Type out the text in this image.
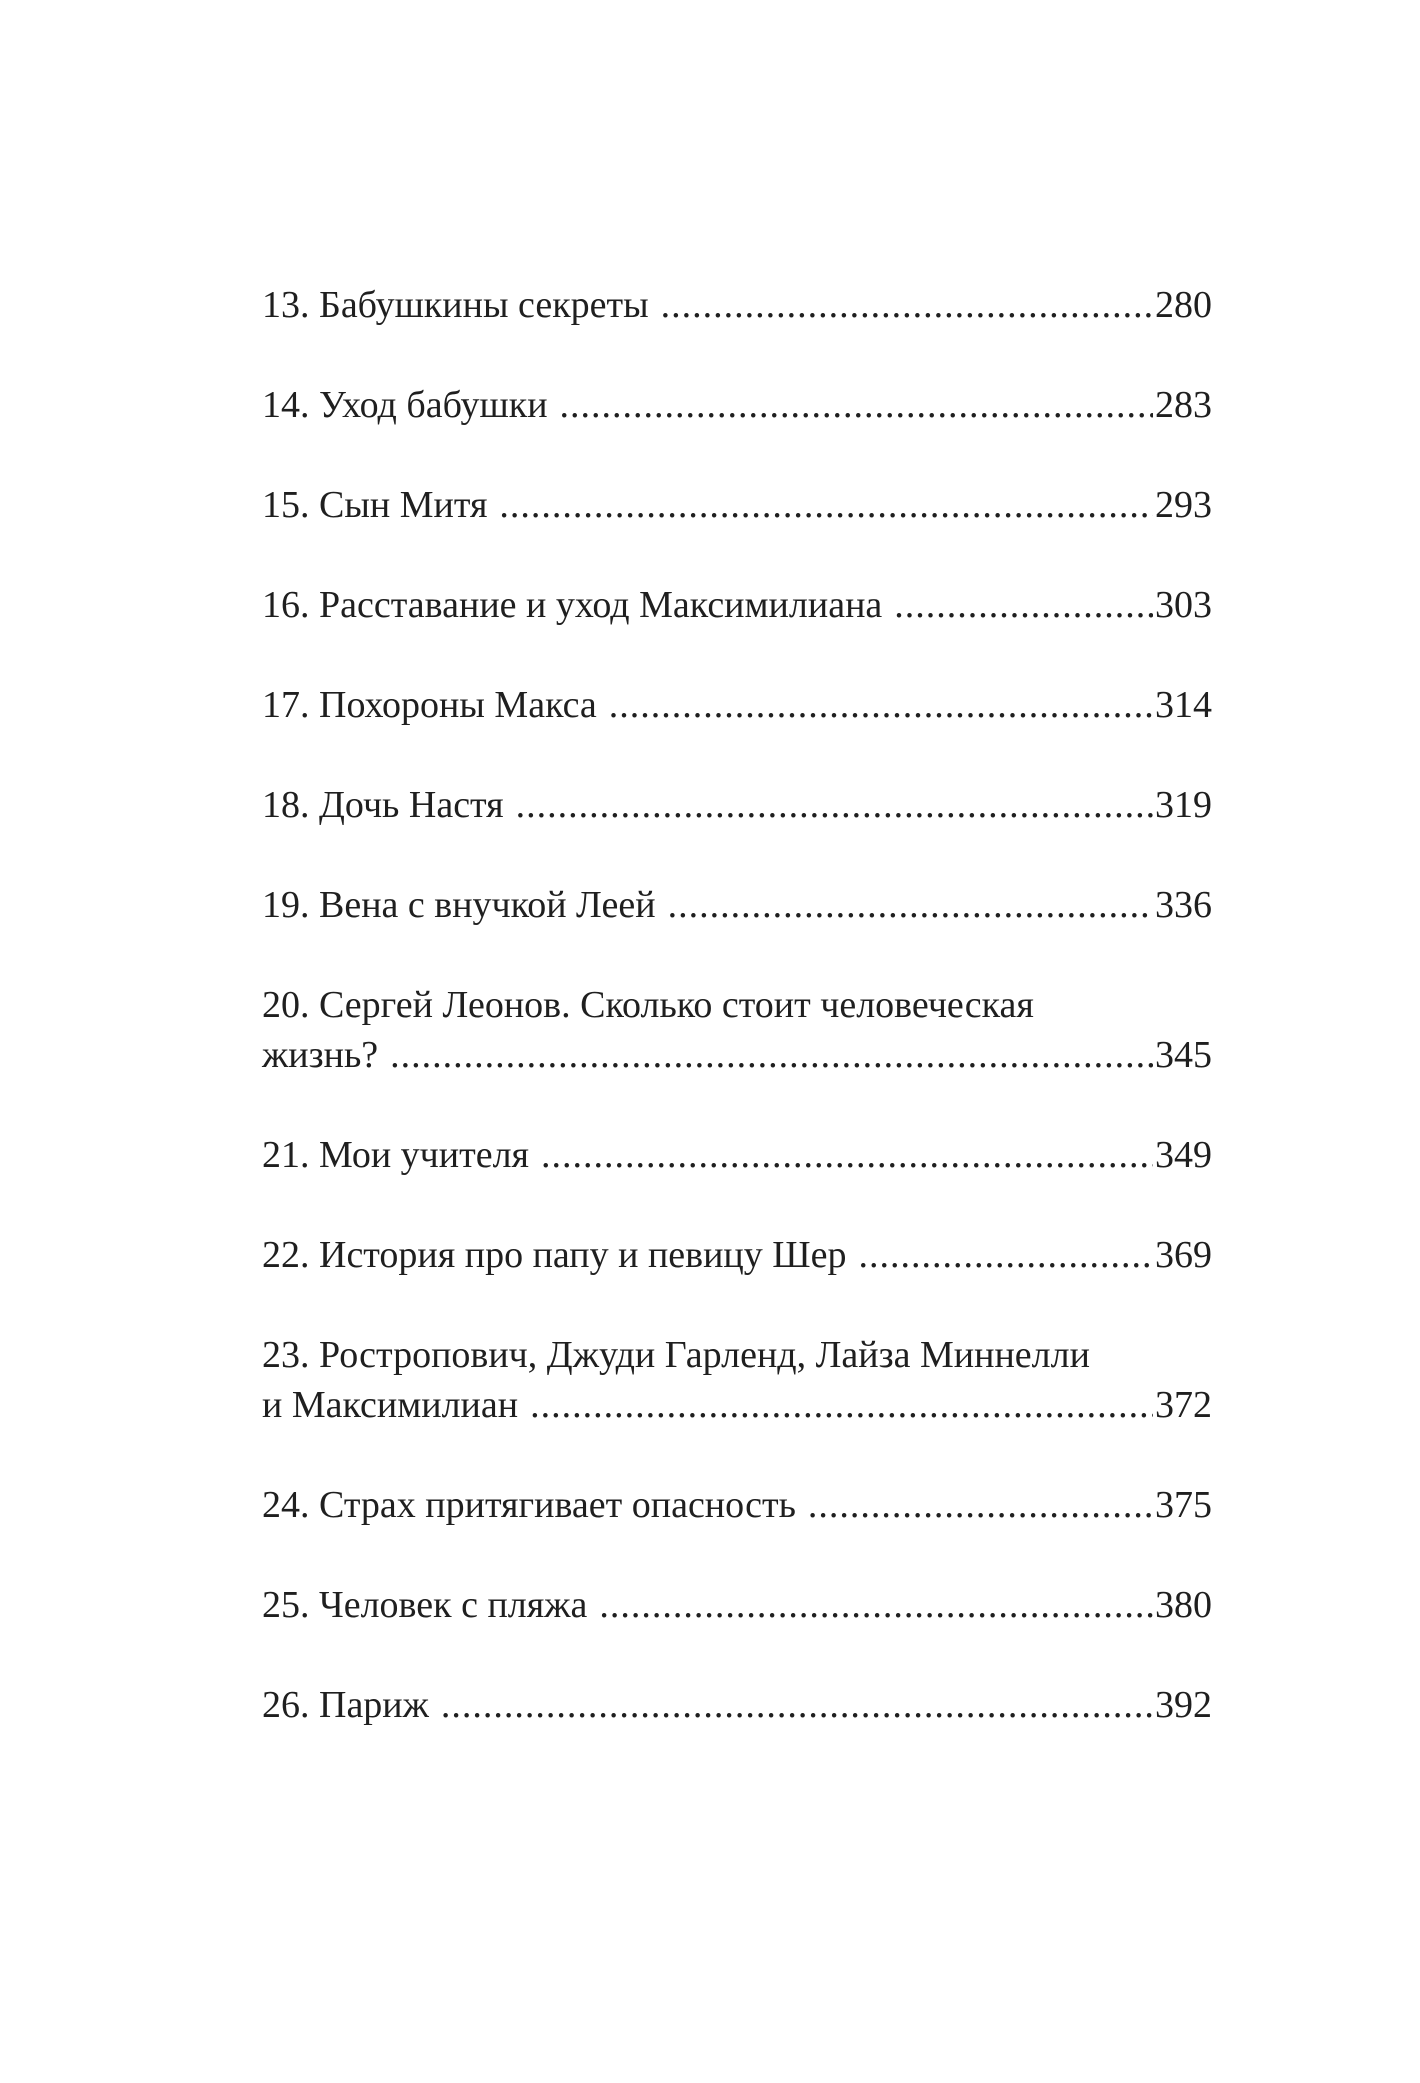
13. Бабушкины секреты .....	280
14. Уход бабушки .....	283
15. Сын Митя .....	293
16. Расставание и уход Максимилиана .....	303
17. Похороны Макса .....	314
18. Дочь Настя .....	319
19. Вена с внучкой Леей .....	336
20. Сергей Леонов. Сколько стоит человеческая
жизнь? .....	345
21. Мои учителя .....	349
22. История про папу и певицу Шер .....	369
23. Ростропович, Джуди Гарленд, Лайза Миннелли
и Максимилиан .....	372
24. Страх притягивает опасность .....	375
25. Человек с пляжа .....	380
26. Париж .....	392
